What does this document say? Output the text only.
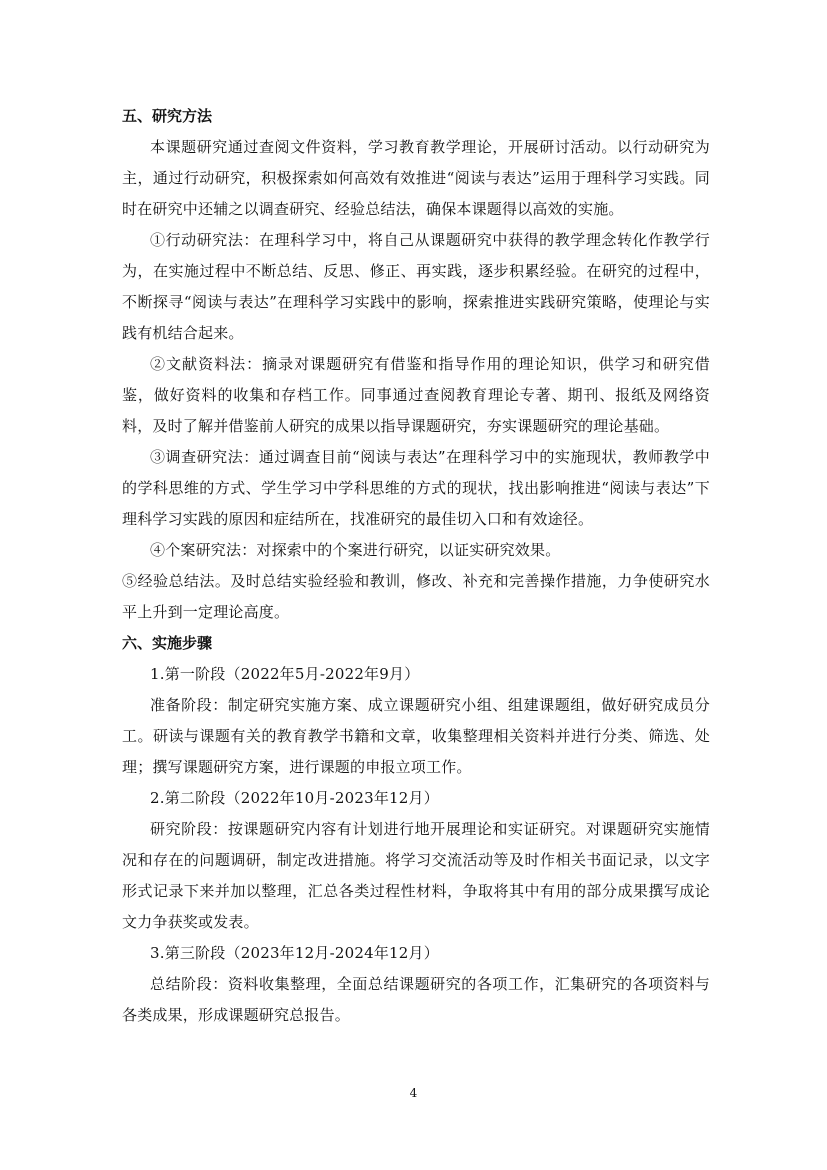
五、研究方法

本课题研究通过查阅文件资料，学习教育教学理论，开展研讨活动。以行动研究为主，通过行动研究，积极探索如何高效有效推进“阅读与表达”运用于理科学习实践。同时在研究中还辅之以调查研究、经验总结法，确保本课题得以高效的实施。

①行动研究法：在理科学习中，将自己从课题研究中获得的教学理念转化作教学行为，在实施过程中不断总结、反思、修正、再实践，逐步积累经验。在研究的过程中，不断探寻“阅读与表达”在理科学习实践中的影响，探索推进实践研究策略，使理论与实践有机结合起来。

②文献资料法：摘录对课题研究有借鉴和指导作用的理论知识，供学习和研究借鉴，做好资料的收集和存档工作。同事通过查阅教育理论专著、期刊、报纸及网络资料，及时了解并借鉴前人研究的成果以指导课题研究，夯实课题研究的理论基础。

③调查研究法：通过调查目前“阅读与表达”在理科学习中的实施现状，教师教学中的学科思维的方式、学生学习中学科思维的方式的现状，找出影响推进“阅读与表达”下理科学习实践的原因和症结所在，找准研究的最佳切入口和有效途径。

④个案研究法：对探索中的个案进行研究，以证实研究效果。

⑤经验总结法。及时总结实验经验和教训，修改、补充和完善操作措施，力争使研究水平上升到一定理论高度。

六、实施步骤

1.第一阶段（2022年5月-2022年9月）

准备阶段：制定研究实施方案、成立课题研究小组、组建课题组，做好研究成员分工。研读与课题有关的教育教学书籍和文章，收集整理相关资料并进行分类、筛选、处理；撰写课题研究方案，进行课题的申报立项工作。

2.第二阶段（2022年10月-2023年12月）

研究阶段：按课题研究内容有计划进行地开展理论和实证研究。对课题研究实施情况和存在的问题调研，制定改进措施。将学习交流活动等及时作相关书面记录，以文字形式记录下来并加以整理，汇总各类过程性材料，争取将其中有用的部分成果撰写成论文力争获奖或发表。

3.第三阶段（2023年12月-2024年12月）

总结阶段：资料收集整理，全面总结课题研究的各项工作，汇集研究的各项资料与各类成果，形成课题研究总报告。

4
